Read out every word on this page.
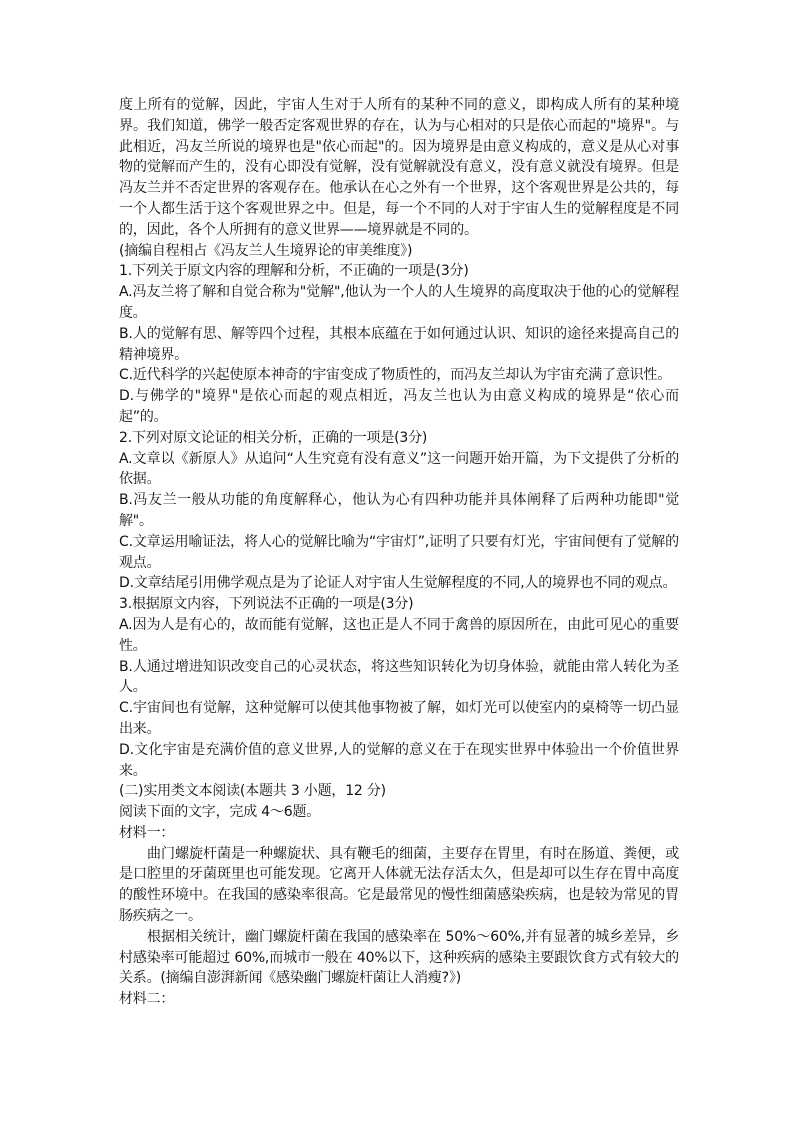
度上所有的觉解，因此，宇宙人生对于人所有的某种不同的意义，即构成人所有的某种境界。我们知道，佛学一般否定客观世界的存在，认为与心相对的只是依心而起的"境界"。与此相近，冯友兰所说的境界也是"依心而起"的。因为境界是由意义构成的，意义是从心对事物的觉解而产生的，没有心即没有觉解，没有觉解就没有意义，没有意义就没有境界。但是冯友兰并不否定世界的客观存在。他承认在心之外有一个世界，这个客观世界是公共的，每一个人都生活于这个客观世界之中。但是，每一个不同的人对于宇宙人生的觉解程度是不同的，因此，各个人所拥有的意义世界——境界就是不同的。

(摘编自程相占《冯友兰人生境界论的审美维度》)

1.下列关于原文内容的理解和分析，不正确的一项是(3分)

A.冯友兰将了解和自觉合称为"觉解",他认为一个人的人生境界的高度取决于他的心的觉解程度。

B.人的觉解有思、解等四个过程，其根本底蕴在于如何通过认识、知识的途径来提高自己的精神境界。

C.近代科学的兴起使原本神奇的宇宙变成了物质性的，而冯友兰却认为宇宙充满了意识性。

D.与佛学的"境界"是依心而起的观点相近，冯友兰也认为由意义构成的境界是“依心而起”的。

2.下列对原文论证的相关分析，正确的一项是(3分)

A.文章以《新原人》从追问“人生究竟有没有意义”这一问题开始开篇，为下文提供了分析的依据。

B.冯友兰一般从功能的角度解释心，他认为心有四种功能并具体阐释了后两种功能即"觉解"。

C.文章运用喻证法，将人心的觉解比喻为“宇宙灯”,证明了只要有灯光，宇宙间便有了觉解的观点。

D.文章结尾引用佛学观点是为了论证人对宇宙人生觉解程度的不同,人的境界也不同的观点。

3.根据原文内容，下列说法不正确的一项是(3分)

A.因为人是有心的，故而能有觉解，这也正是人不同于禽兽的原因所在，由此可见心的重要性。

B.人通过增进知识改变自己的心灵状态，将这些知识转化为切身体验，就能由常人转化为圣人。

C.宇宙间也有觉解，这种觉解可以使其他事物被了解，如灯光可以使室内的桌椅等一切凸显出来。

D.文化宇宙是充满价值的意义世界,人的觉解的意义在于在现实世界中体验出一个价值世界来。

(二)实用类文本阅读(本题共 3 小题，12 分)

阅读下面的文字，完成 4～6题。

材料一：

曲门螺旋杆菌是一种螺旋状、具有鞭毛的细菌，主要存在胃里，有时在肠道、粪便，或是口腔里的牙菌斑里也可能发现。它离开人体就无法存活太久，但是却可以生存在胃中高度的酸性环境中。在我国的感染率很高。它是最常见的慢性细菌感染疾病，也是较为常见的胃肠疾病之一。

根据相关统计，幽门螺旋杆菌在我国的感染率在 50%～60%,并有显著的城乡差异，乡村感染率可能超过 60%,而城市一般在 40%以下，这种疾病的感染主要跟饮食方式有较大的关系。(摘编自澎湃新闻《感染幽门螺旋杆菌让人消瘦?》)

材料二：
